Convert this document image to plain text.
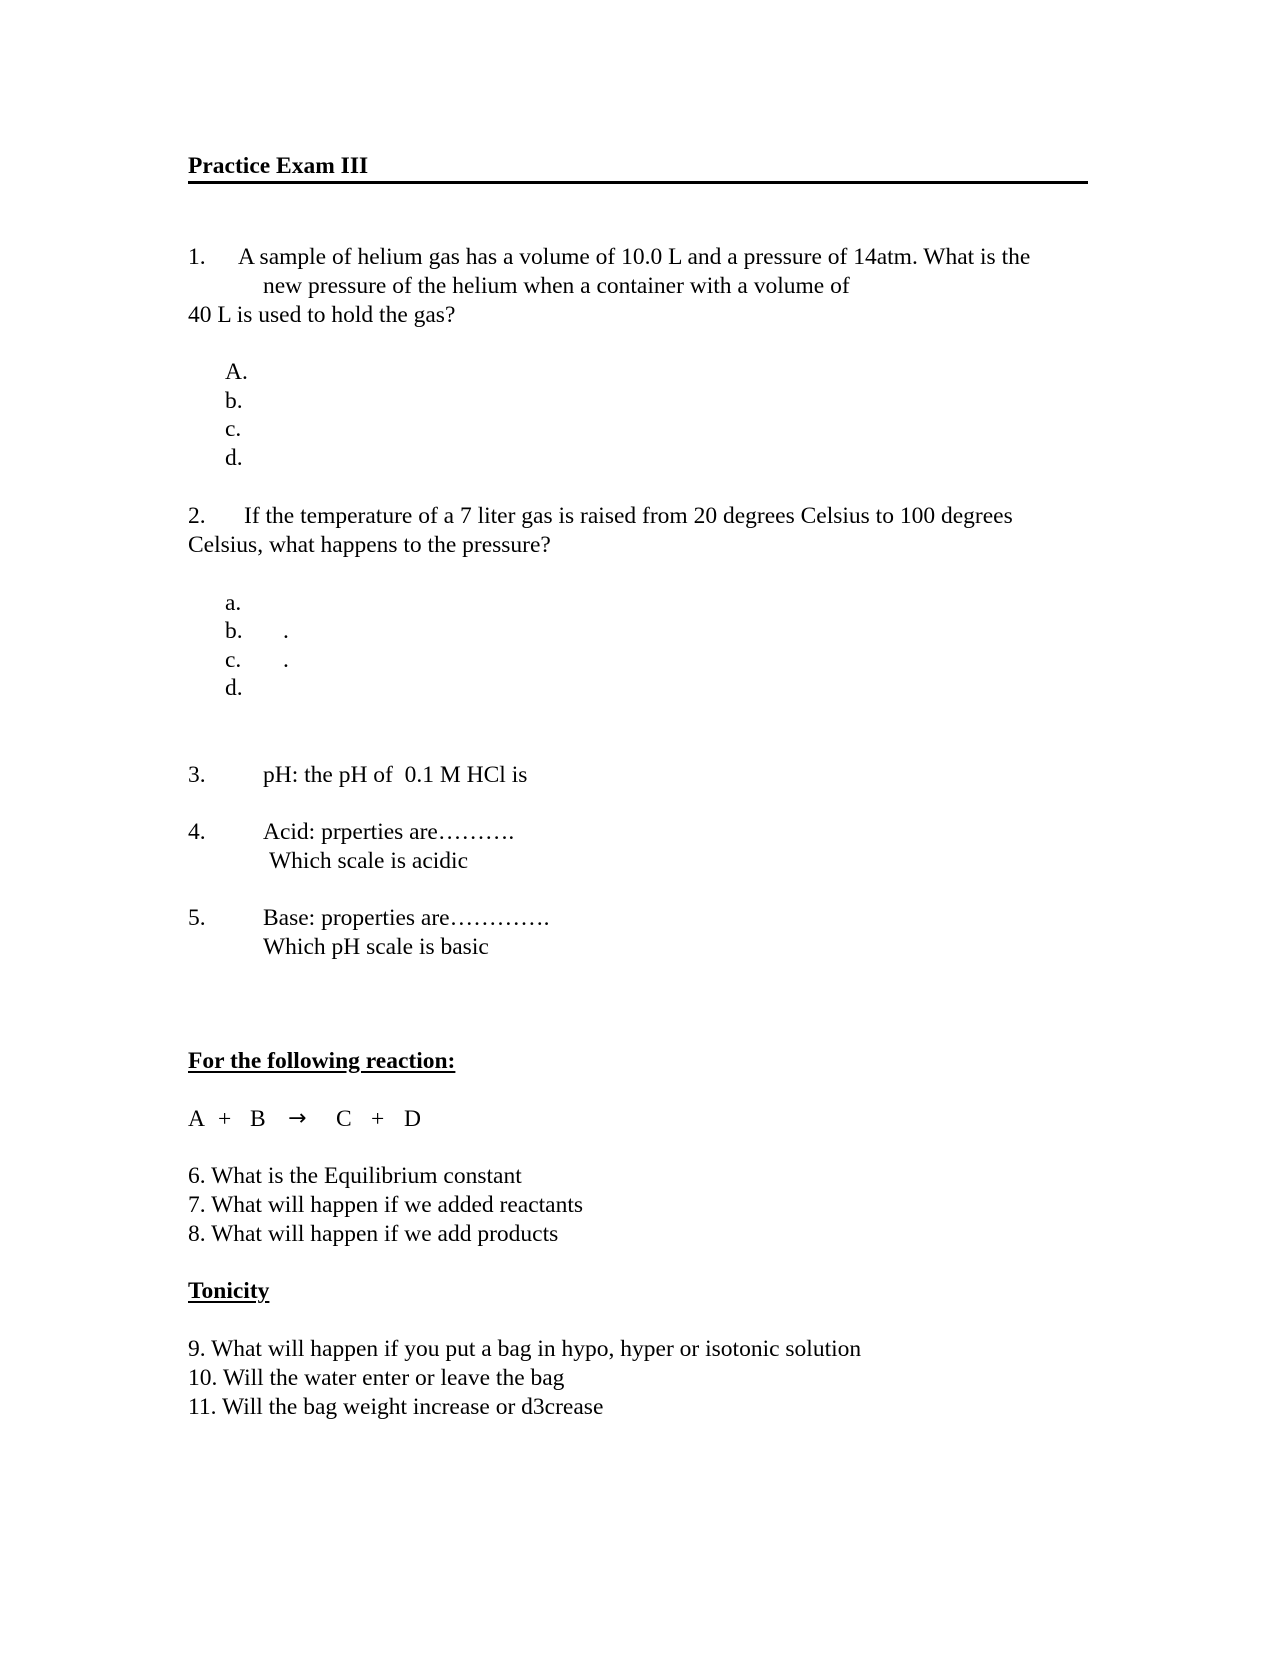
Practice Exam III
1. A sample of helium gas has a volume of 10.0 L and a pressure of 14atm. What is the
new pressure of the helium when a container with a volume of
40 L is used to hold the gas?
A.
b.
c.
d.
2. If the temperature of a 7 liter gas is raised from 20 degrees Celsius to 100 degrees
Celsius, what happens to the pressure?
a.
b. .
c. .
d.
3. pH: the pH of  0.1 M HCl is
4. Acid: prperties are……….
Which scale is acidic
5. Base: properties are………….
Which pH scale is basic
For the following reaction:
A + B → C + D
6. What is the Equilibrium constant
7. What will happen if we added reactants
8. What will happen if we add products
Tonicity
9. What will happen if you put a bag in hypo, hyper or isotonic solution
10. Will the water enter or leave the bag
11. Will the bag weight increase or d3crease
